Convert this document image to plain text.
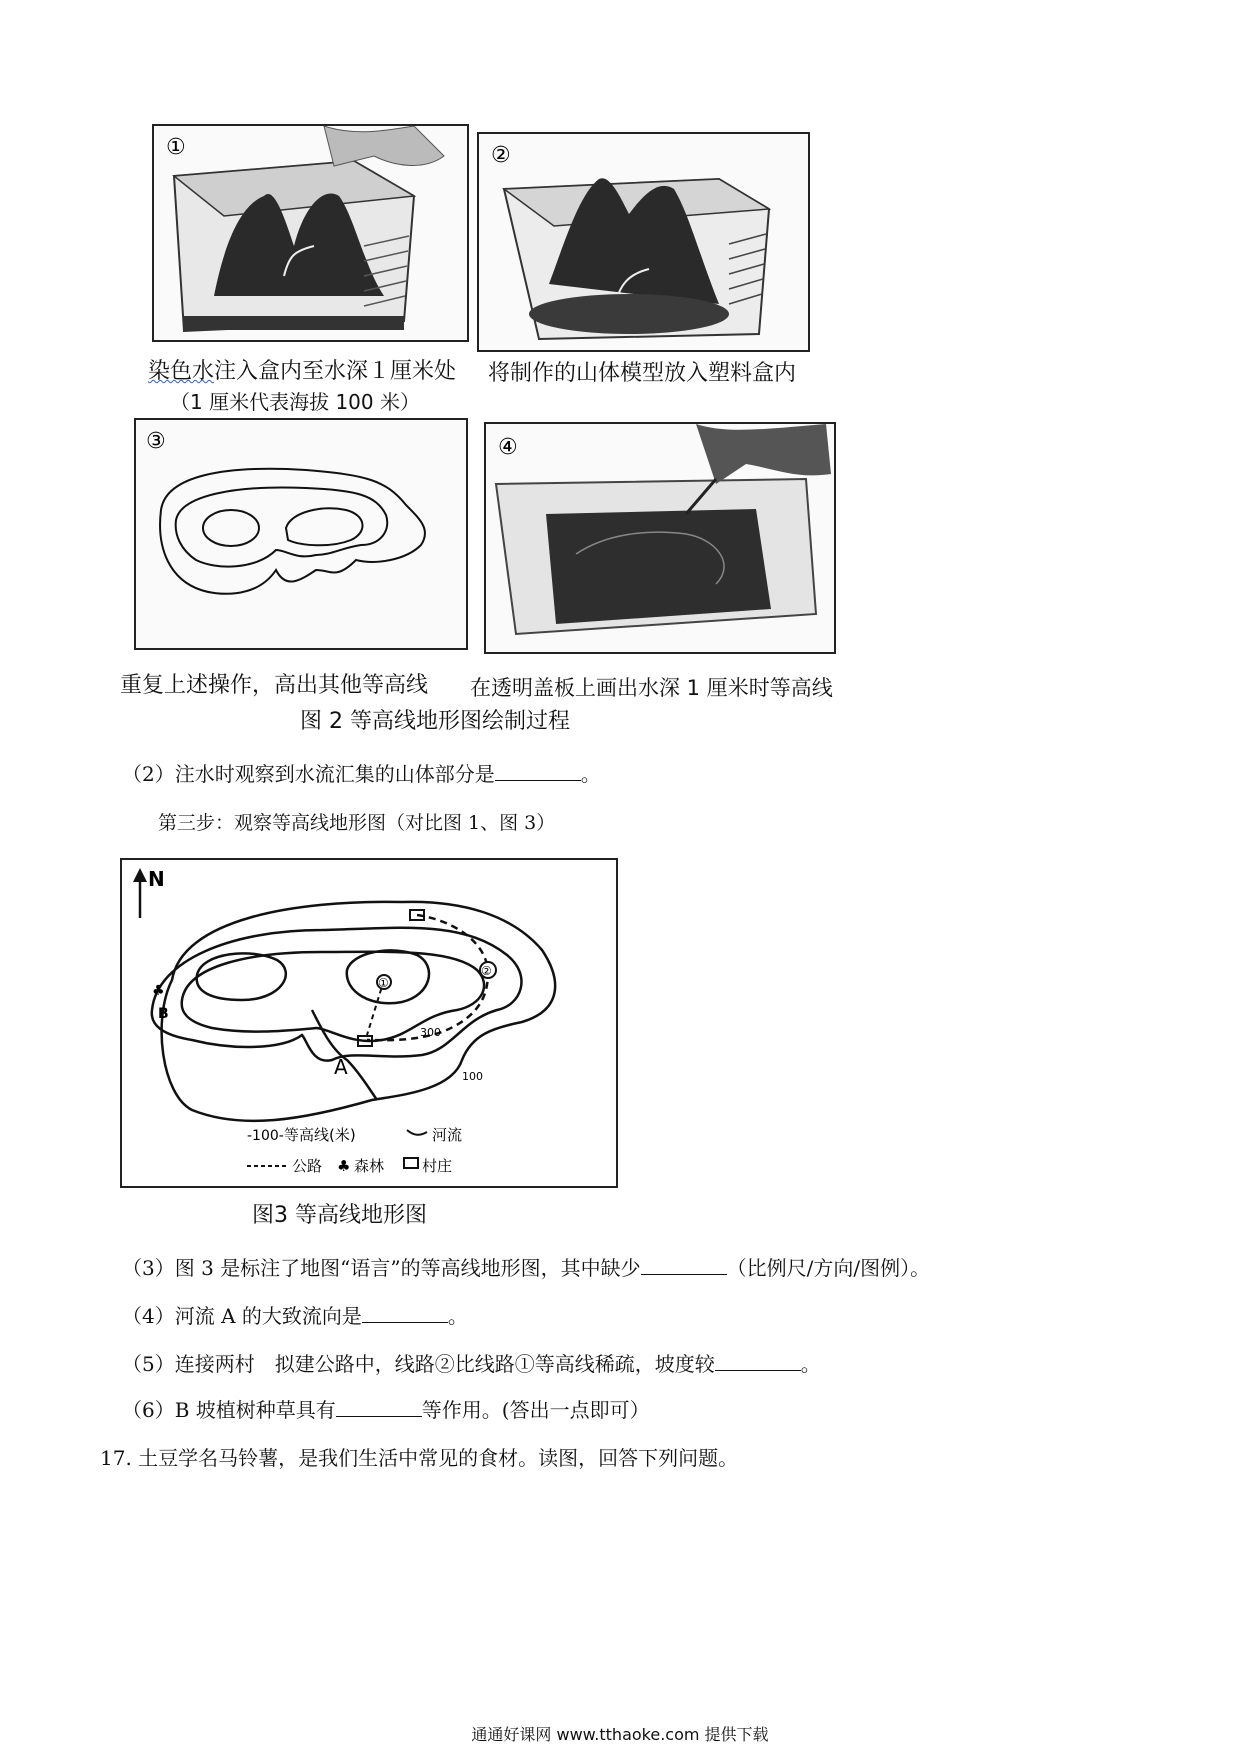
①
染色水注入盒内至水深１厘米处
（1 厘米代表海拔 100 米）
②
将制作的山体模型放入塑料盒内
③
重复上述操作，高出其他等高线
④
在透明盖板上画出水深 1 厘米时等高线
图 2 等高线地形图绘制过程
（2）注水时观察到水流汇集的山体部分是	。
第三步：观察等高线地形图（对比图 1、图 3）
N
①
②
300
100
A
B
♣
-100- 等高线(米)	河流
公路 ♣ 森林	村庄
图3 等高线地形图
（3）图 3 是标注了地图“语言”的等高线地形图，其中缺少	（比例尺/方向/图例）。
（4）河流 A 的大致流向是	。
（5）连接两村　拟建公路中，线路②比线路①等高线稀疏，坡度较	。
（6）B 坡植树种草具有	等作用。(答出一点即可）
17. 土豆学名马铃薯，是我们生活中常见的食材。读图，回答下列问题。
通通好课网 www.tthaoke.com 提供下载
